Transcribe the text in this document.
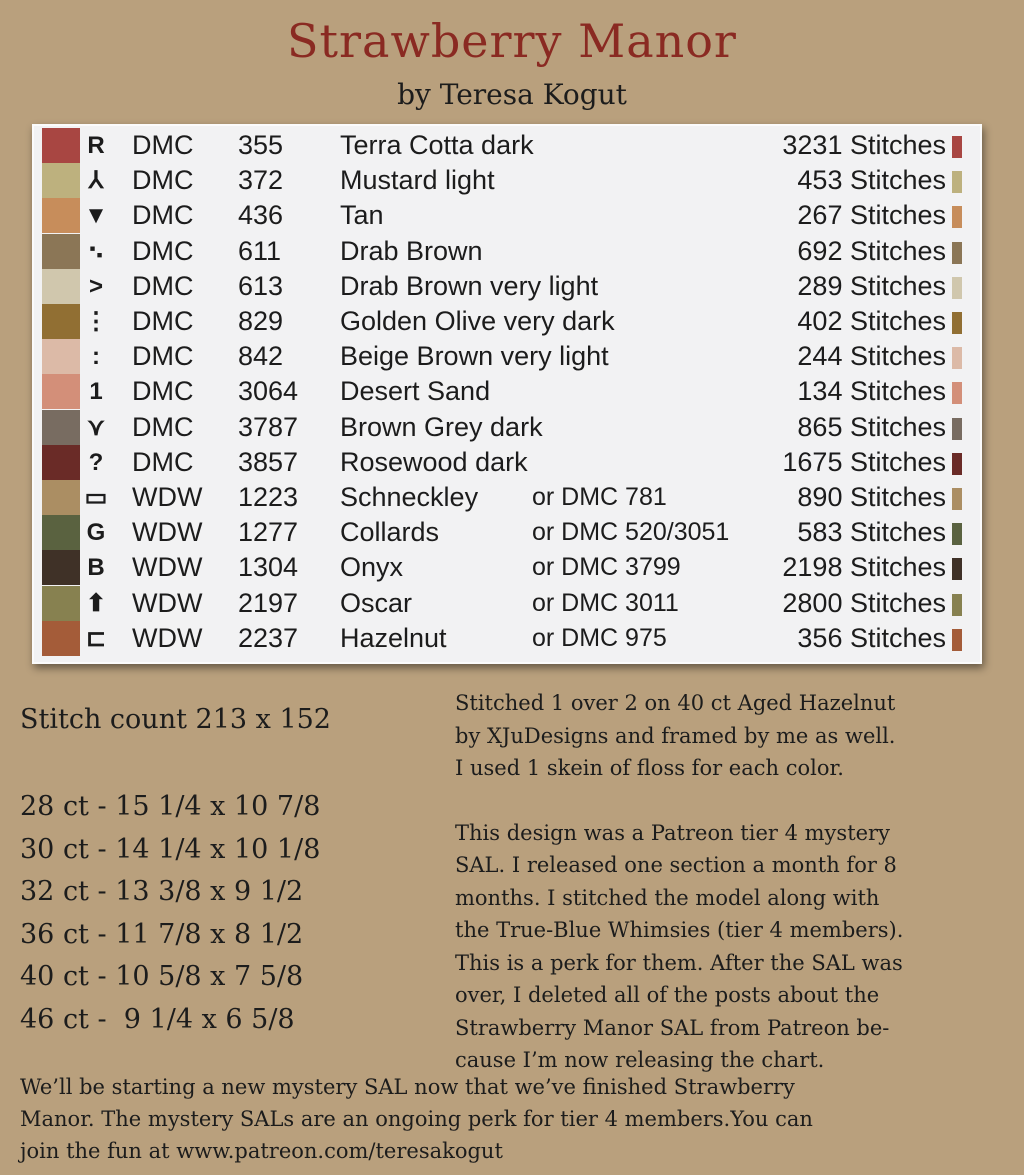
Strawberry Manor
by Teresa Kogut
R DMC 355 Terra Cotta dark	3231 Stitches
⅄ DMC 372 Mustard light	453 Stitches
▼ DMC 436 Tan	267 Stitches
⠢ DMC 611 Drab Brown	692 Stitches
> DMC 613 Drab Brown very light	289 Stitches
⋮ DMC 829 Golden Olive very dark	402 Stitches
:	DMC 842 Beige Brown very light	244 Stitches
1 DMC 3064 Desert Sand	134 Stitches
⋎ DMC 3787 Brown Grey dark	865 Stitches
? DMC 3857 Rosewood dark	1675 Stitches
▭ WDW 1223 Schneckley or DMC 781	890 Stitches
G WDW 1277 Collards	or DMC 520/3051	583 Stitches
B WDW 1304 Onyx	or DMC 3799	2198 Stitches
⬆ WDW 2197 Oscar	or DMC 3011	2800 Stitches
⊏ WDW 2237 Hazelnut	or DMC 975	356 Stitches
Stitch count 213 x 152
28 ct - 15 1/4 x 10 7/8
30 ct - 14 1/4 x 10 1/8
32 ct - 13 3/8 x 9 1/2
36 ct - 11 7/8 x 8 1/2
40 ct - 10 5/8 x 7 5/8
46 ct -  9 1/4 x 6 5/8

Stitched 1 over 2 on 40 ct Aged Hazelnut
by XJuDesigns and framed by me as well.
I used 1 skein of floss for each color.

This design was a Patreon tier 4 mystery
SAL. I released one section a month for 8
months. I stitched the model along with
the True-Blue Whimsies (tier 4 members).
This is a perk for them. After the SAL was
over, I deleted all of the posts about the
Strawberry Manor SAL from Patreon be-
cause I’m now releasing the chart.

We’ll be starting a new mystery SAL now that we’ve finished Strawberry
Manor. The mystery SALs are an ongoing perk for tier 4 members.You can
join the fun at www.patreon.com/teresakogut
